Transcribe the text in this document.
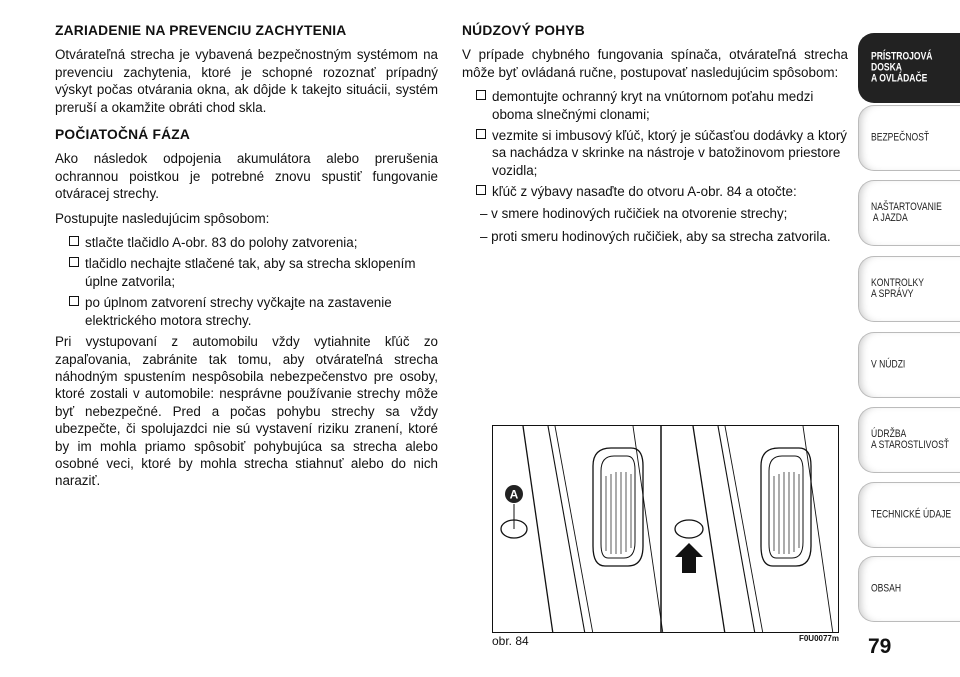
ZARIADENIE NA PREVENCIU ZACHYTENIA

Otvárateľná strecha je vybavená bezpečnostným systémom na prevenciu zachytenia, ktoré je schopné rozoznať prípadný výskyt počas otvárania okna, ak dôjde k takejto situácii, systém preruší a okamžite obráti chod skla.

POČIATOČNÁ FÁZA

Ako následok odpojenia akumulátora alebo prerušenia ochrannou poistkou je potrebné znovu spustiť fungovanie otváracej strechy.

Postupujte nasledujúcim spôsobom:

stlačte tlačidlo A-obr. 83 do polohy zatvorenia;
tlačidlo nechajte stlačené tak, aby sa strecha sklopením úplne zatvorila;
po úplnom zatvorení strechy vyčkajte na zastavenie elektrického motora strechy.

Pri vystupovaní z automobilu vždy vytiahnite kľúč zo zapaľovania, zabránite tak tomu, aby otvárateľná strecha náhodným spustením nespôsobila nebezpečenstvo pre osoby, ktoré zostali v automobile: nesprávne používanie strechy môže byť nebezpečné. Pred a počas pohybu strechy sa vždy ubezpečte, či spolujazdci nie sú vystavení riziku zranení, ktoré by im mohla priamo spôsobiť pohybujúca sa strecha alebo osobné veci, ktoré by mohla strecha stiahnuť alebo do nich naraziť.

NÚDZOVÝ POHYB

V prípade chybného fungovania spínača, otvárateľná strecha môže byť ovládaná ručne, postupovať nasledujúcim spôsobom:

demontujte ochranný kryt na vnútornom poťahu medzi oboma slnečnými clonami;
vezmite si imbusový kľúč, ktorý je súčasťou dodávky a ktorý sa nachádza v skrinke na nástroje v batožinovom priestore vozidla;
kľúč z výbavy nasaďte do otvoru A-obr. 84 a otočte:
– v smere hodinových ručičiek na otvorenie strechy;
– proti smeru hodinových ručičiek, aby sa strecha zatvorila.
A
obr. 84	F0U0077m
PRÍSTROJOVÁ
DOSKA
A OVLÁDAČE
BEZPEČNOSŤ
NAŠTARTOVANIE
A JAZDA
KONTROLKY
A SPRÁVY
V NÚDZI
ÚDRŽBA
A STAROSTLIVOSŤ
TECHNICKÉ ÚDAJE
OBSAH
79
